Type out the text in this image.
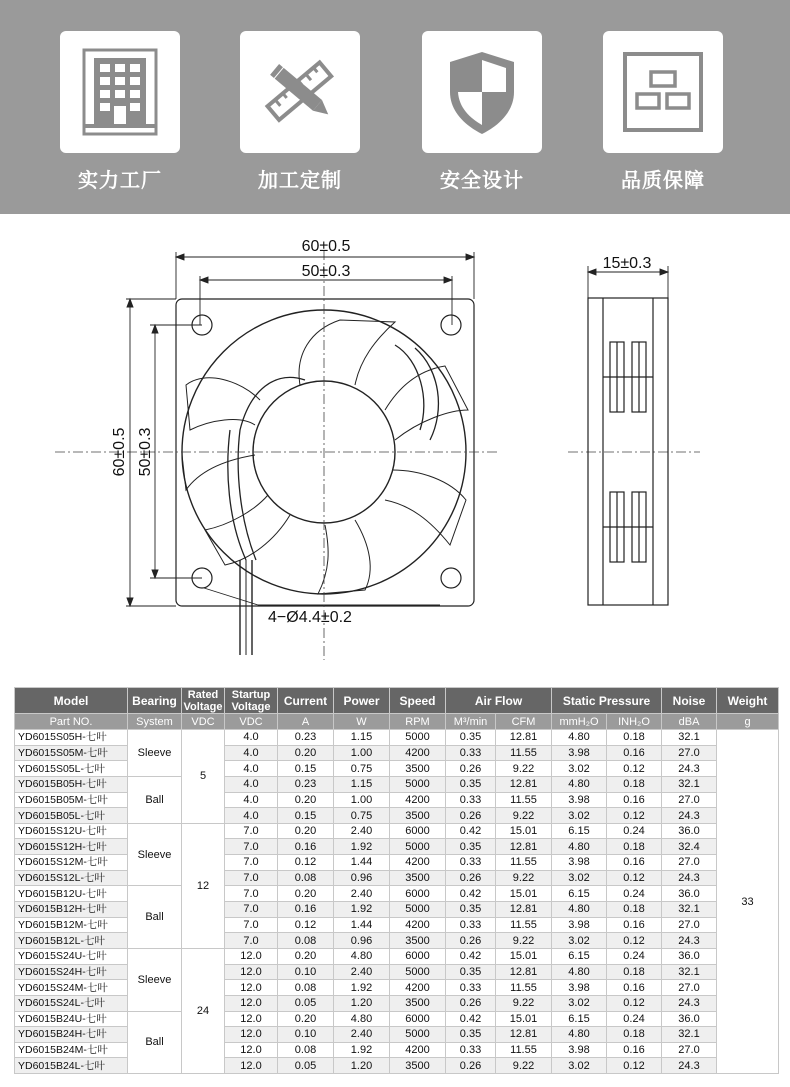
实力工厂	加工定制	安全设计	品质保障
60±0.5
50±0.3
60±0.5 50±0.3
15±0.3
4−Ø4.4±0.2
Model	Bearing	Rated Voltage	Startup Voltage	Current	Power	Speed	Air Flow		Static Pressure		Noise	Weight
Part NO.	System	VDC	VDC	A	W	RPM	M³/min	CFM	mmH₂O	INH₂O	dBA	g
YD6015S05H-七叶	Sleeve	5	4.0	0.23	1.15	5000	0.35	12.81	4.80	0.18	32.1	33
YD6015S05M-七叶			4.0	0.20	1.00	4200	0.33	11.55	3.98	0.16	27.0	
YD6015S05L-七叶			4.0	0.15	0.75	3500	0.26	9.22	3.02	0.12	24.3	
YD6015B05H-七叶	Ball		4.0	0.23	1.15	5000	0.35	12.81	4.80	0.18	32.1	
YD6015B05M-七叶			4.0	0.20	1.00	4200	0.33	11.55	3.98	0.16	27.0	
YD6015B05L-七叶			4.0	0.15	0.75	3500	0.26	9.22	3.02	0.12	24.3	
YD6015S12U-七叶	Sleeve	12	7.0	0.20	2.40	6000	0.42	15.01	6.15	0.24	36.0	
YD6015S12H-七叶			7.0	0.16	1.92	5000	0.35	12.81	4.80	0.18	32.4	
YD6015S12M-七叶			7.0	0.12	1.44	4200	0.33	11.55	3.98	0.16	27.0	
YD6015S12L-七叶			7.0	0.08	0.96	3500	0.26	9.22	3.02	0.12	24.3	
YD6015B12U-七叶	Ball		7.0	0.20	2.40	6000	0.42	15.01	6.15	0.24	36.0	
YD6015B12H-七叶			7.0	0.16	1.92	5000	0.35	12.81	4.80	0.18	32.1	
YD6015B12M-七叶			7.0	0.12	1.44	4200	0.33	11.55	3.98	0.16	27.0	
YD6015B12L-七叶			7.0	0.08	0.96	3500	0.26	9.22	3.02	0.12	24.3	
YD6015S24U-七叶	Sleeve	24	12.0	0.20	4.80	6000	0.42	15.01	6.15	0.24	36.0	
YD6015S24H-七叶			12.0	0.10	2.40	5000	0.35	12.81	4.80	0.18	32.1	
YD6015S24M-七叶			12.0	0.08	1.92	4200	0.33	11.55	3.98	0.16	27.0	
YD6015S24L-七叶			12.0	0.05	1.20	3500	0.26	9.22	3.02	0.12	24.3	
YD6015B24U-七叶	Ball		12.0	0.20	4.80	6000	0.42	15.01	6.15	0.24	36.0	
YD6015B24H-七叶			12.0	0.10	2.40	5000	0.35	12.81	4.80	0.18	32.1	
YD6015B24M-七叶			12.0	0.08	1.92	4200	0.33	11.55	3.98	0.16	27.0	
YD6015B24L-七叶			12.0	0.05	1.20	3500	0.26	9.22	3.02	0.12	24.3	
